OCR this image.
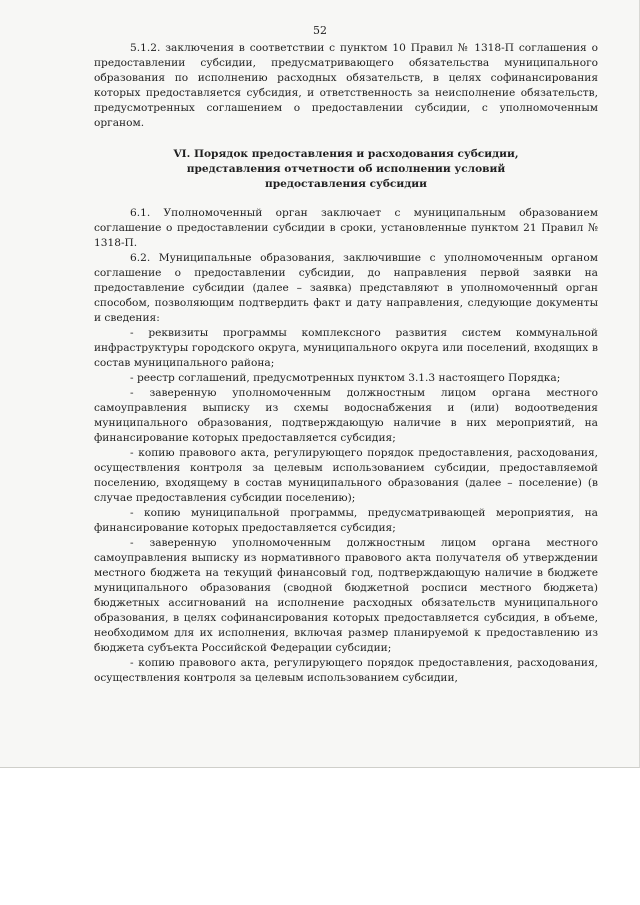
52

5.1.2. заключения в соответствии с пунктом 10 Правил № 1318-П соглашения о предоставлении субсидии, предусматривающего обязательства муниципального образования по исполнению расходных обязательств, в целях софинансирования которых предоставляется субсидия, и ответственность за неисполнение обязательств, предусмотренных соглашением о предоставлении субсидии, с уполномоченным органом.

VI. Порядок предоставления и расходования субсидии,
представления отчетности об исполнении условий
предоставления субсидии

6.1. Уполномоченный орган заключает с муниципальным образованием соглашение о предоставлении субсидии в сроки, установленные пунктом 21 Правил № 1318-П.

6.2. Муниципальные образования, заключившие с уполномоченным органом соглашение о предоставлении субсидии, до направления первой заявки на предоставление субсидии (далее – заявка) представляют в уполномоченный орган способом, позволяющим подтвердить факт и дату направления, следующие документы и сведения:

- реквизиты программы комплексного развития систем коммунальной инфраструктуры городского округа, муниципального округа или поселений, входящих в состав муниципального района;

- реестр соглашений, предусмотренных пунктом 3.1.3 настоящего Порядка;

- заверенную уполномоченным должностным лицом органа местного самоуправления выписку из схемы водоснабжения и (или) водоотведения муниципального образования, подтверждающую наличие в них мероприятий, на финансирование которых предоставляется субсидия;

- копию правового акта, регулирующего порядок предоставления, расходования, осуществления контроля за целевым использованием субсидии, предоставляемой поселению, входящему в состав муниципального образования (далее – поселение) (в случае предоставления субсидии поселению);

- копию муниципальной программы, предусматривающей мероприятия, на финансирование которых предоставляется субсидия;

- заверенную уполномоченным должностным лицом органа местного самоуправления выписку из нормативного правового акта получателя об утверждении местного бюджета на текущий финансовый год, подтверждающую наличие в бюджете муниципального образования (сводной бюджетной росписи местного бюджета) бюджетных ассигнований на исполнение расходных обязательств муниципального образования, в целях софинансирования которых предоставляется субсидия, в объеме, необходимом для их исполнения, включая размер планируемой к предоставлению из бюджета субъекта Российской Федерации субсидии;

- копию правового акта, регулирующего порядок предоставления, расходования, осуществления контроля за целевым использованием субсидии,
